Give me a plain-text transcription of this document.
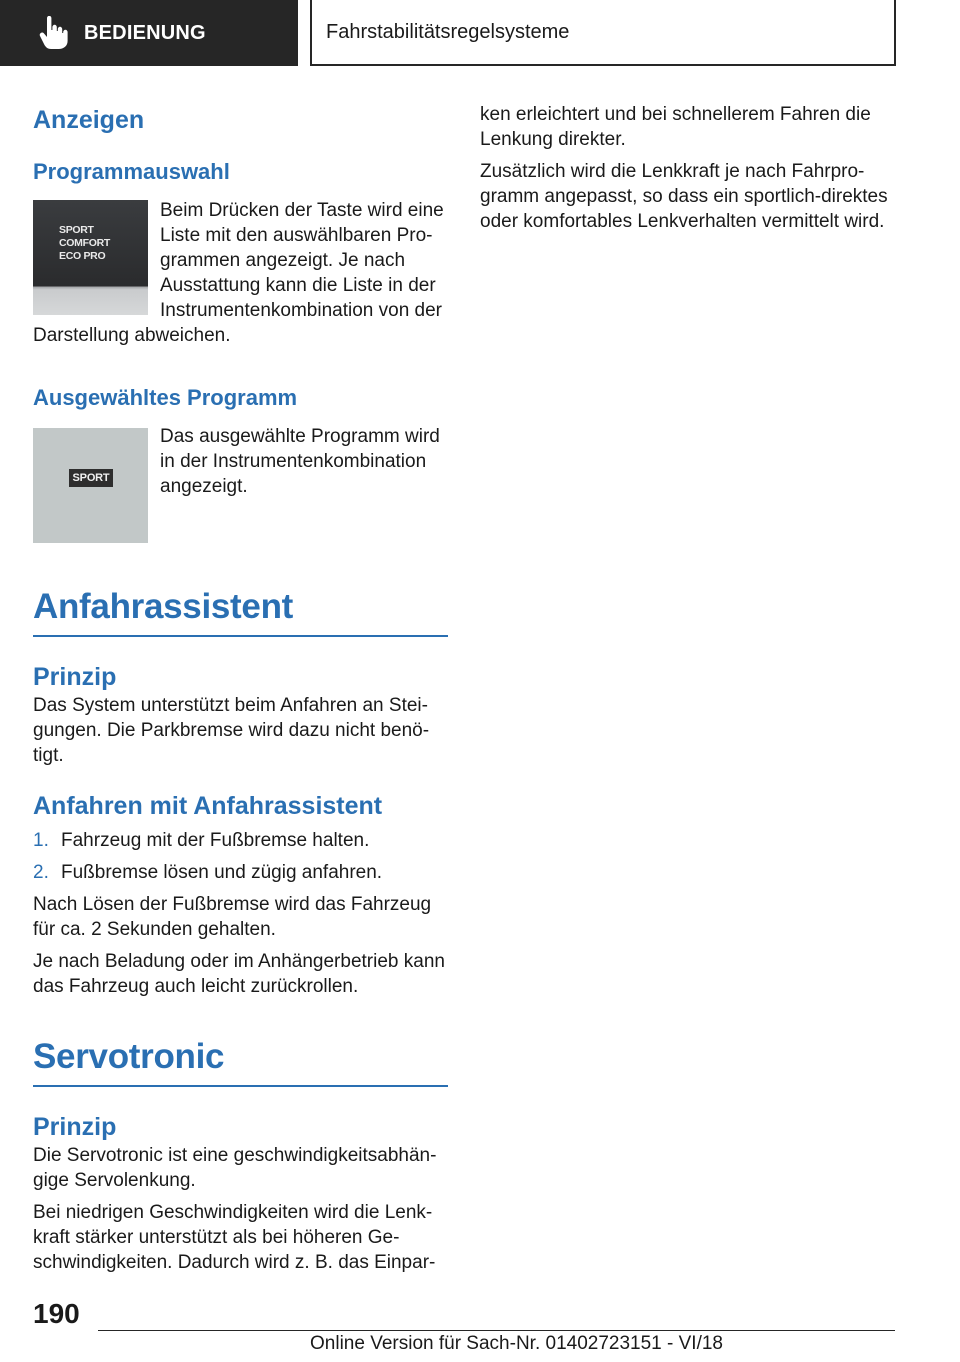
BEDIENUNG	Fahrstabilitätsregelsysteme
Anzeigen
Programmauswahl
SPORT
COMFORT
ECO PRO

Beim Drücken der Taste wird eine Liste mit den auswählbaren Pro‐grammen angezeigt. Je nach Ausstattung kann die Liste in der Instrumentenkombination von der Darstellung abweichen.

Ausgewähltes Programm
SPORT

Das ausgewählte Programm wird in der Instrumentenkombination angezeigt.

Anfahrassistent
Prinzip

Das System unterstützt beim Anfahren an Stei‐gungen. Die Parkbremse wird dazu nicht benö‐tigt.

Anfahren mit Anfahrassistent
1. Fahrzeug mit der Fußbremse halten.
2. Fußbremse lösen und zügig anfahren.

Nach Lösen der Fußbremse wird das Fahrzeug für ca. 2 Sekunden gehalten.

Je nach Beladung oder im Anhängerbetrieb kann das Fahrzeug auch leicht zurückrollen.

Servotronic
Prinzip

Die Servotronic ist eine geschwindigkeitsabhän‐gige Servolenkung.

Bei niedrigen Geschwindigkeiten wird die Lenk‐kraft stärker unterstützt als bei höheren Ge‐schwindigkeiten. Dadurch wird z. B. das Einpar‐

ken erleichtert und bei schnellerem Fahren die Lenkung direkter.

Zusätzlich wird die Lenkkraft je nach Fahrpro‐gramm angepasst, so dass ein sportlich-direktes oder komfortables Lenkverhalten vermittelt wird.

190
Online Version für Sach-Nr. 01402723151 - VI/18
